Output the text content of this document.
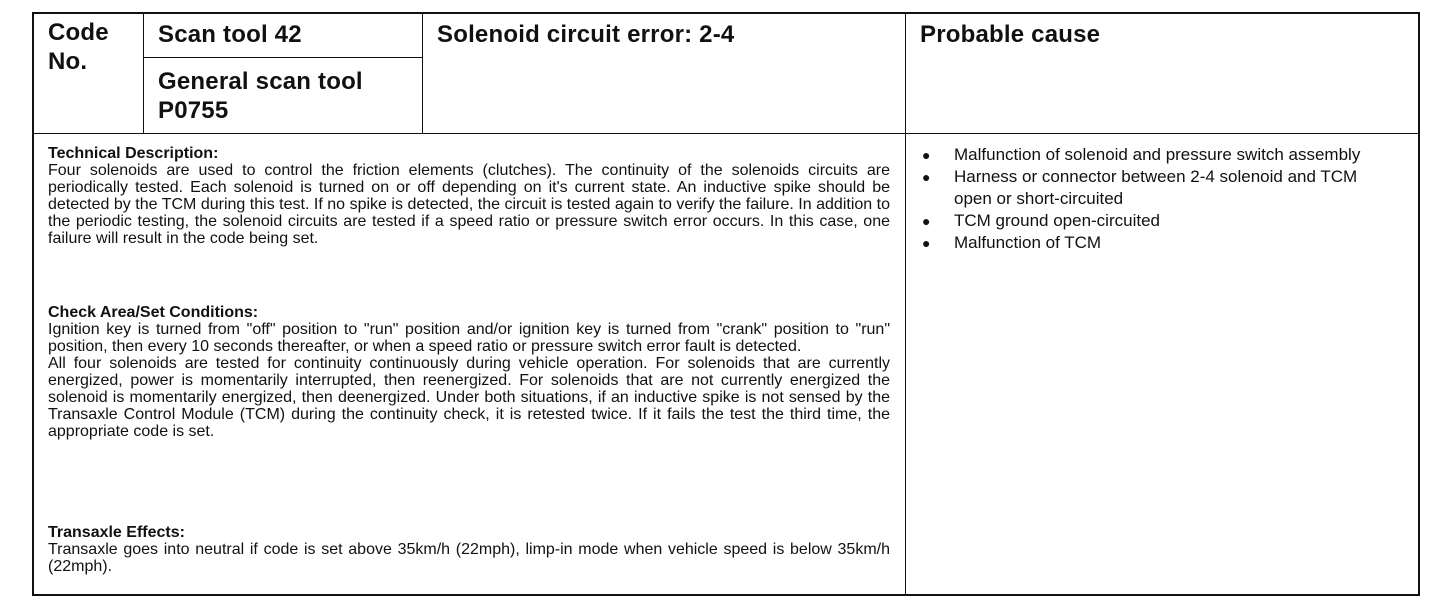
Code No.
Scan tool 42
General scan tool P0755
Solenoid circuit error: 2-4	Probable cause

Technical Description:

Four solenoids are used to control the friction elements (clutches). The continuity of the solenoids circuits are periodically tested. Each solenoid is turned on or off depending on it's current state. An inductive spike should be detected by the TCM during this test. If no spike is detected, the circuit is tested again to verify the failure. In addition to the periodic testing, the solenoid circuits are tested if a speed ratio or pressure switch error occurs. In this case, one failure will result in the code being set.

Check Area/Set Conditions:

Ignition key is turned from "off" position to "run" position and/or ignition key is turned from "crank" position to "run" position, then every 10 seconds thereafter, or when a speed ratio or pressure switch error fault is detected.

All four solenoids are tested for continuity continuously during vehicle operation. For solenoids that are currently energized, power is momentarily interrupted, then reenergized. For solenoids that are not currently energized the solenoid is momentarily energized, then deenergized. Under both situations, if an inductive spike is not sensed by the Transaxle Control Module (TCM) during the continuity check, it is retested twice. If it fails the test the third time, the appropriate code is set.

Transaxle Effects:

Transaxle goes into neutral if code is set above 35km/h (22mph), limp-in mode when vehicle speed is below 35km/h (22mph).

● Malfunction of solenoid and pressure switch assembly
● Harness or connector between 2-4 solenoid and TCM open or short-circuited
● TCM ground open-circuited
● Malfunction of TCM
